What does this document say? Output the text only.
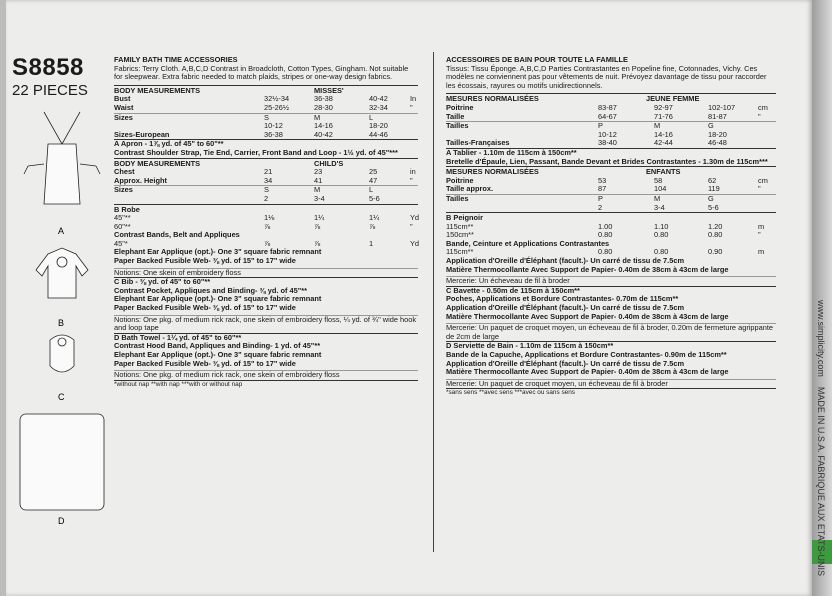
www.simplicity.com    MADE IN U.S.A. FABRIQUE AUX ETATS-UNIS
S8858
22 PIECES
A
B
C
D
FAMILY BATH TIME ACCESSORIES
Fabrics: Terry Cloth. A,B,C,D Contrast in Broadcloth, Cotton Types, Gingham. Not suitable for sleepwear. Extra fabric needed to match plaids, stripes or one-way design fabrics.
BODY MEASUREMENTS	MISSES'
Bust	32½-34	36-38	40-42	In
Waist	25-26½	28-30	32-34	"
Sizes	S	M	L
10-12	14-16	18-20
Sizes-European	36-38	40-42	44-46
A Apron - 1⅞ yd. of 45" to 60"**
Contrast Shoulder Strap, Tie End, Carrier, Front Band and Loop - 1½ yd. of 45"***
BODY MEASUREMENTS	CHILD'S
Chest	21	23	25	in
Approx. Height	34	41	47	"
Sizes	S	M	L
2	3-4	5-6
B Robe
45"**	1⅛	1¼	1¼	Yd
60"**	⅞	⅞	⅞	"
Contrast Bands, Belt and Appliques
45"*	⅞	⅞	1	Yd
Elephant Ear Applique (opt.)- One 3" square fabric remnant
Paper Backed Fusible Web- ⅜ yd. of 15" to 17" wide
Notions: One skein of embroidery floss
C Bib - ⅜ yd. of 45" to 60"**
Contrast Pocket, Appliques and Binding- ⅜ yd. of 45"**
Elephant Ear Applique (opt.)- One 3" square fabric remnant
Paper Backed Fusible Web- ⅜ yd. of 15" to 17" wide
Notions: One pkg. of medium rick rack, one skein of embroidery floss, ¼ yd. of ¾" wide hook and loop tape
D Bath Towel - 1¼ yd. of 45" to 60"**
Contrast Hood Band, Appliques and Binding- 1 yd. of 45"**
Elephant Ear Applique (opt.)- One 3" square fabric remnant
Paper Backed Fusible Web- ⅜ yd. of 15" to 17" wide
Notions: One pkg. of medium rick rack, one skein of embroidery floss
*without nap **with nap ***with or without nap
ACCESSOIRES DE BAIN POUR TOUTE LA FAMILLE
Tissus: Tissu Éponge. A,B,C,D Parties Contrastantes en Popeline fine, Cotonnades, Vichy. Ces modèles ne conviennent pas pour vêtements de nuit. Prévoyez davantage de tissu pour raccorder les écossais, rayures ou motifs unidirectionnels.
MESURES NORMALISÉES	JEUNE FEMME
Poitrine	83-87	92-97	102-107	cm
Taille	64-67	71-76	81-87	"
Tailles	P	M	G
10-12	14-16	18-20
Tailles-Françaises	38-40	42-44	46-48
A Tablier - 1.10m de 115cm à 150cm**
Bretelle d'Épaule, Lien, Passant, Bande Devant et Brides Contrastantes - 1.30m de 115cm***
MESURES NORMALISÉES	ENFANTS
Poitrine	53	58	62	cm
Taille approx.	87	104	119	"
Tailles	P	M	G
2	3-4	5-6
B Peignoir
115cm**	1.00	1.10	1.20	m
150cm**	0.80	0.80	0.80	"
Bande, Ceinture et Applications Contrastantes
115cm**	0.80	0.80	0.90	m
Application d'Oreille d'Éléphant (facult.)- Un carré de tissu de 7.5cm
Matière Thermocollante Avec Support de Papier- 0.40m de 38cm à 43cm de large
Mercerie: Un écheveau de fil à broder
C Bavette - 0.50m de 115cm à 150cm**
Poches, Applications et Bordure Contrastantes- 0.70m de 115cm**
Application d'Oreille d'Éléphant (facult.)- Un carré de tissu de 7.5cm
Matière Thermocollante Avec Support de Papier- 0.40m de 38cm à 43cm de large
Mercerie: Un paquet de croquet moyen, un écheveau de fil à broder, 0.20m de fermeture agrippante de 2cm de large
D Serviette de Bain - 1.10m de 115cm à 150cm**
Bande de la Capuche, Applications et Bordure Contrastantes- 0.90m de 115cm**
Application d'Oreille d'Éléphant (facult.)- Un carré de tissu de 7.5cm
Matière Thermocollante Avec Support de Papier- 0.40m de 38cm à 43cm de large
Mercerie: Un paquet de croquet moyen, un écheveau de fil à broder
*sans sens **avec sens ***avec ou sans sens
